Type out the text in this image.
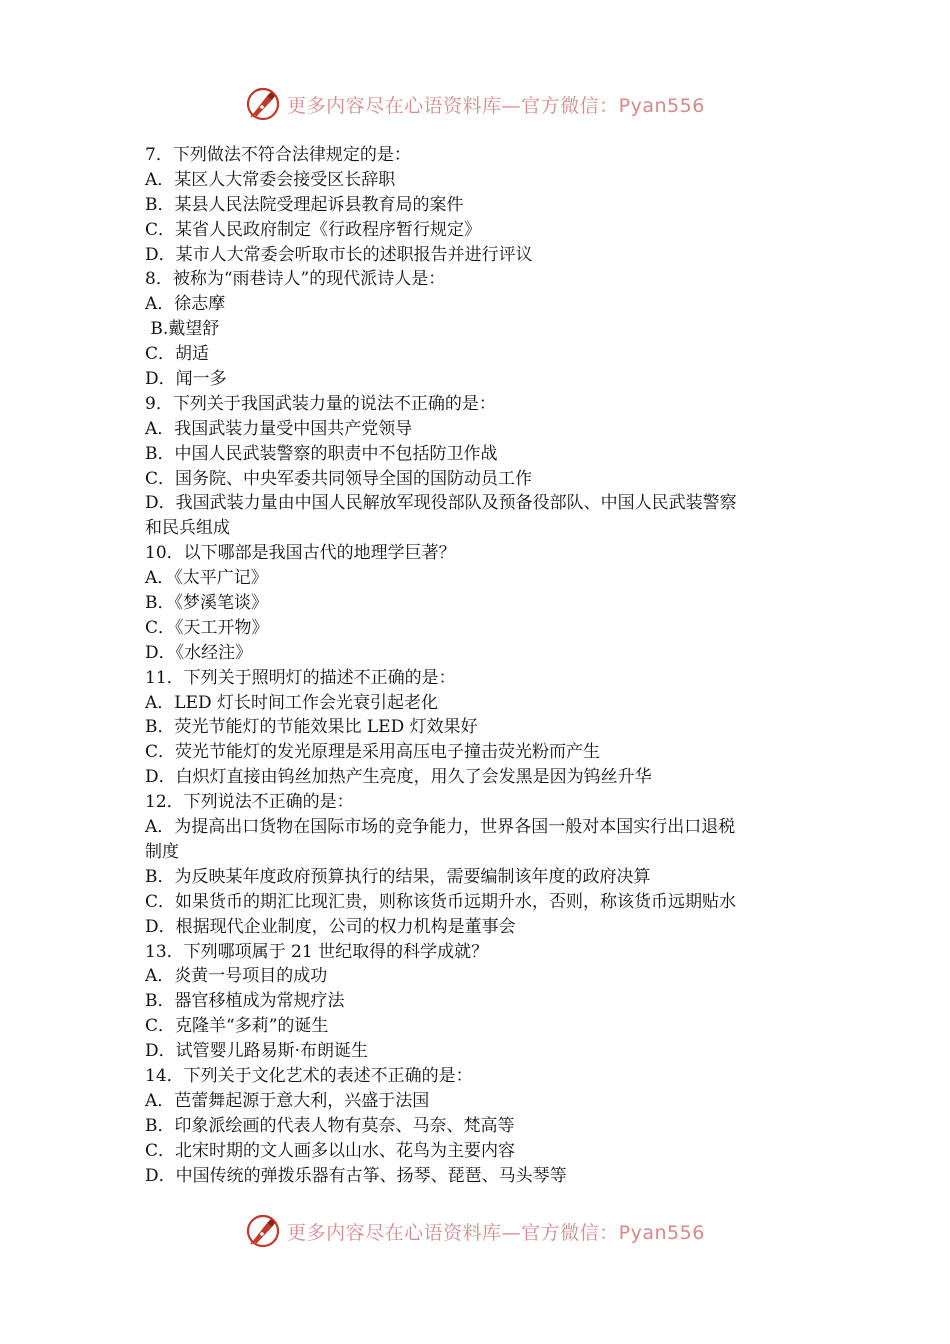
更多内容尽在心语资料库—官方微信：Pyan556
7．下列做法不符合法律规定的是：
A．某区人大常委会接受区长辞职
B．某县人民法院受理起诉县教育局的案件
C．某省人民政府制定《行政程序暂行规定》
D．某市人大常委会听取市长的述职报告并进行评议
8．被称为“雨巷诗人”的现代派诗人是：
A．徐志摩
B.戴望舒
C．胡适
D．闻一多
9．下列关于我国武装力量的说法不正确的是：
A．我国武装力量受中国共产党领导
B．中国人民武装警察的职责中不包括防卫作战
C．国务院、中央军委共同领导全国的国防动员工作
D．我国武装力量由中国人民解放军现役部队及预备役部队、中国人民武装警察
和民兵组成
10．以下哪部是我国古代的地理学巨著？
A．《太平广记》
B．《梦溪笔谈》
C．《天工开物》
D．《水经注》
11．下列关于照明灯的描述不正确的是：
A．LED 灯长时间工作会光衰引起老化
B．荧光节能灯的节能效果比 LED 灯效果好
C．荧光节能灯的发光原理是采用高压电子撞击荧光粉而产生
D．白炽灯直接由钨丝加热产生亮度，用久了会发黑是因为钨丝升华
12．下列说法不正确的是：
A．为提高出口货物在国际市场的竞争能力，世界各国一般对本国实行出口退税
制度
B．为反映某年度政府预算执行的结果，需要编制该年度的政府决算
C．如果货币的期汇比现汇贵，则称该货币远期升水，否则，称该货币远期贴水
D．根据现代企业制度，公司的权力机构是董事会
13．下列哪项属于 21 世纪取得的科学成就？
A．炎黄一号项目的成功
B．器官移植成为常规疗法
C．克隆羊“多莉”的诞生
D．试管婴儿路易斯·布朗诞生
14．下列关于文化艺术的表述不正确的是：
A．芭蕾舞起源于意大利，兴盛于法国
B．印象派绘画的代表人物有莫奈、马奈、梵高等
C．北宋时期的文人画多以山水、花鸟为主要内容
D．中国传统的弹拨乐器有古筝、扬琴、琵琶、马头琴等
更多内容尽在心语资料库—官方微信：Pyan556
